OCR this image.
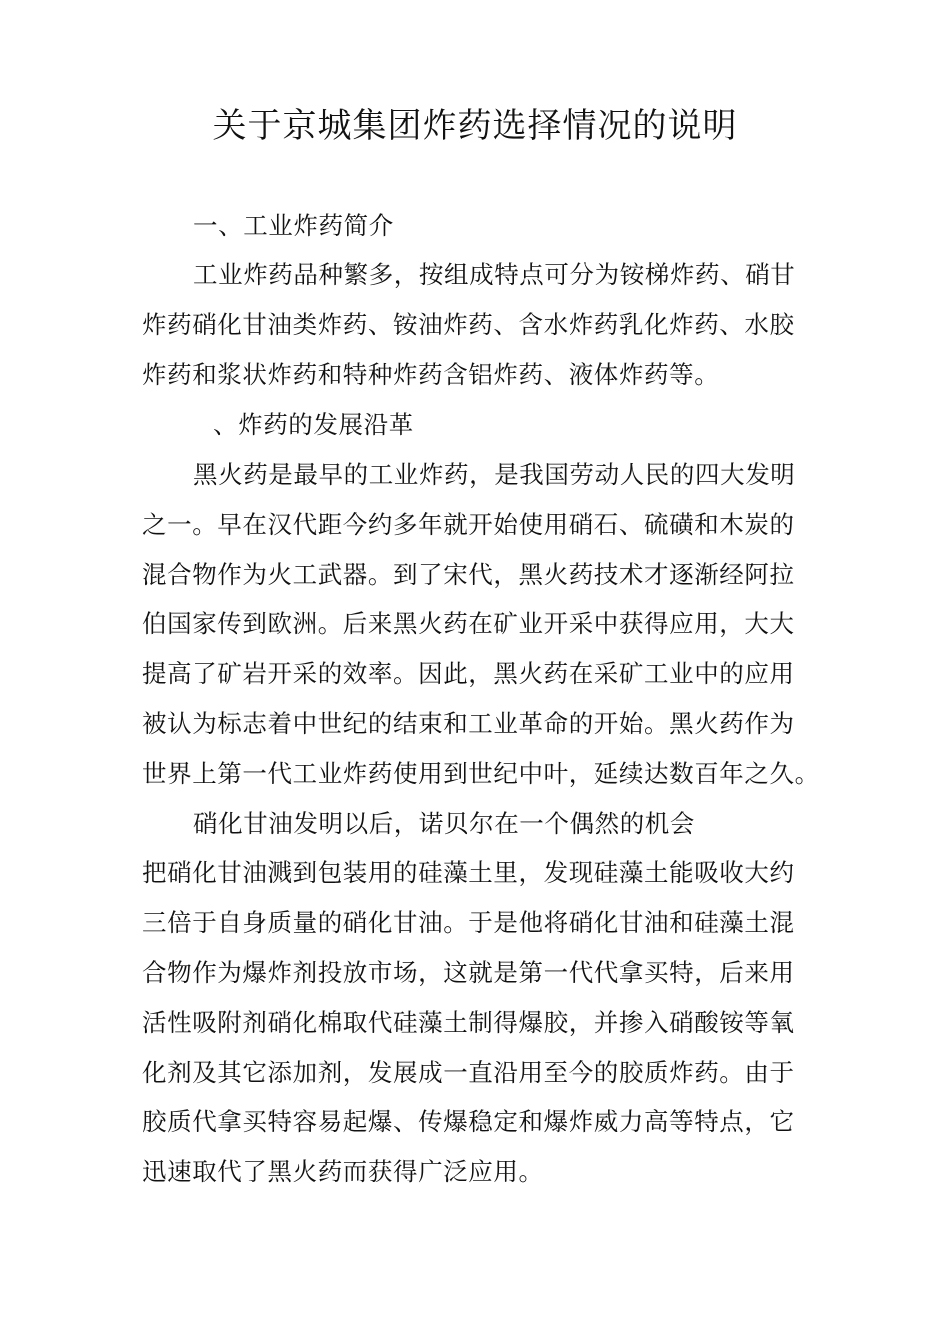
关于京城集团炸药选择情况的说明
一、工业炸药简介
工业炸药品种繁多，按组成特点可分为铵梯炸药、硝甘
炸药硝化甘油类炸药、铵油炸药、含水炸药乳化炸药、水胶
炸药和浆状炸药和特种炸药含铝炸药、液体炸药等。
、炸药的发展沿革
黑火药是最早的工业炸药，是我国劳动人民的四大发明
之一。早在汉代距今约多年就开始使用硝石、硫磺和木炭的
混合物作为火工武器。到了宋代，黑火药技术才逐渐经阿拉
伯国家传到欧洲。后来黑火药在矿业开采中获得应用，大大
提高了矿岩开采的效率。因此，黑火药在采矿工业中的应用
被认为标志着中世纪的结束和工业革命的开始。黑火药作为
世界上第一代工业炸药使用到世纪中叶，延续达数百年之久。
硝化甘油发明以后，诺贝尔在一个偶然的机会
把硝化甘油溅到包装用的硅藻土里，发现硅藻土能吸收大约
三倍于自身质量的硝化甘油。于是他将硝化甘油和硅藻土混
合物作为爆炸剂投放市场，这就是第一代代拿买特，后来用
活性吸附剂硝化棉取代硅藻土制得爆胶，并掺入硝酸铵等氧
化剂及其它添加剂，发展成一直沿用至今的胶质炸药。由于
胶质代拿买特容易起爆、传爆稳定和爆炸威力高等特点，它
迅速取代了黑火药而获得广泛应用。
